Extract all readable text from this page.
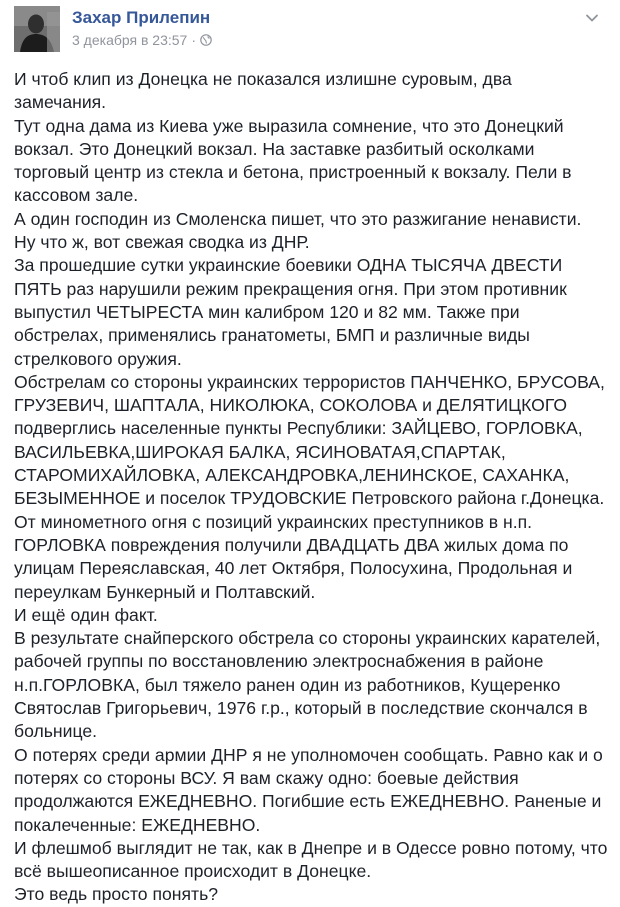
Захар Прилепин
3 декабря в 23:57 ·
И чтоб клип из Донецка не показался излишне суровым, два
замечания.
Тут одна дама из Киева уже выразила сомнение, что это Донецкий
вокзал. Это Донецкий вокзал. На заставке разбитый осколками
торговый центр из стекла и бетона, пристроенный к вокзалу. Пели в
кассовом зале.
А один господин из Смоленска пишет, что это разжигание ненависти.
Ну что ж, вот свежая сводка из ДНР.
За прошедшие сутки украинские боевики ОДНА ТЫСЯЧА ДВЕСТИ
ПЯТЬ раз нарушили режим прекращения огня. При этом противник
выпустил ЧЕТЫРЕСТА мин калибром 120 и 82 мм. Также при
обстрелах, применялись гранатометы, БМП и различные виды
стрелкового оружия.
Обстрелам со стороны украинских террористов ПАНЧЕНКО, БРУСОВА,
ГРУЗЕВИЧ, ШАПТАЛА, НИКОЛЮКА, СОКОЛОВА и ДЕЛЯТИЦКОГО
подверглись населенные пункты Республики: ЗАЙЦЕВО, ГОРЛОВКА,
ВАСИЛЬЕВКА,ШИРОКАЯ БАЛКА, ЯСИНОВАТАЯ,СПАРТАК,
СТАРОМИХАЙЛОВКА, АЛЕКСАНДРОВКА,ЛЕНИНСКОЕ, САХАНКА,
БЕЗЫМЕННОЕ и поселок ТРУДОВСКИЕ Петровского района г.Донецка.
От минометного огня с позиций украинских преступников в н.п.
ГОРЛОВКА повреждения получили ДВАДЦАТЬ ДВА жилых дома по
улицам Переяславская, 40 лет Октября, Полосухина, Продольная и
переулкам Бункерный и Полтавский.
И ещё один факт.
В результате снайперского обстрела со стороны украинских карателей,
рабочей группы по восстановлению электроснабжения в районе
н.п.ГОРЛОВКА, был тяжело ранен один из работников, Кущеренко
Святослав Григорьевич, 1976 г.р., который в последствие скончался в
больнице.
О потерях среди армии ДНР я не уполномочен сообщать. Равно как и о
потерях со стороны ВСУ. Я вам скажу одно: боевые действия
продолжаются ЕЖЕДНЕВНО. Погибшие есть ЕЖЕДНЕВНО. Раненые и
покалеченные: ЕЖЕДНЕВНО.
И флешмоб выглядит не так, как в Днепре и в Одессе ровно потому, что
всё вышеописанное происходит в Донецке.
Это ведь просто понять?
